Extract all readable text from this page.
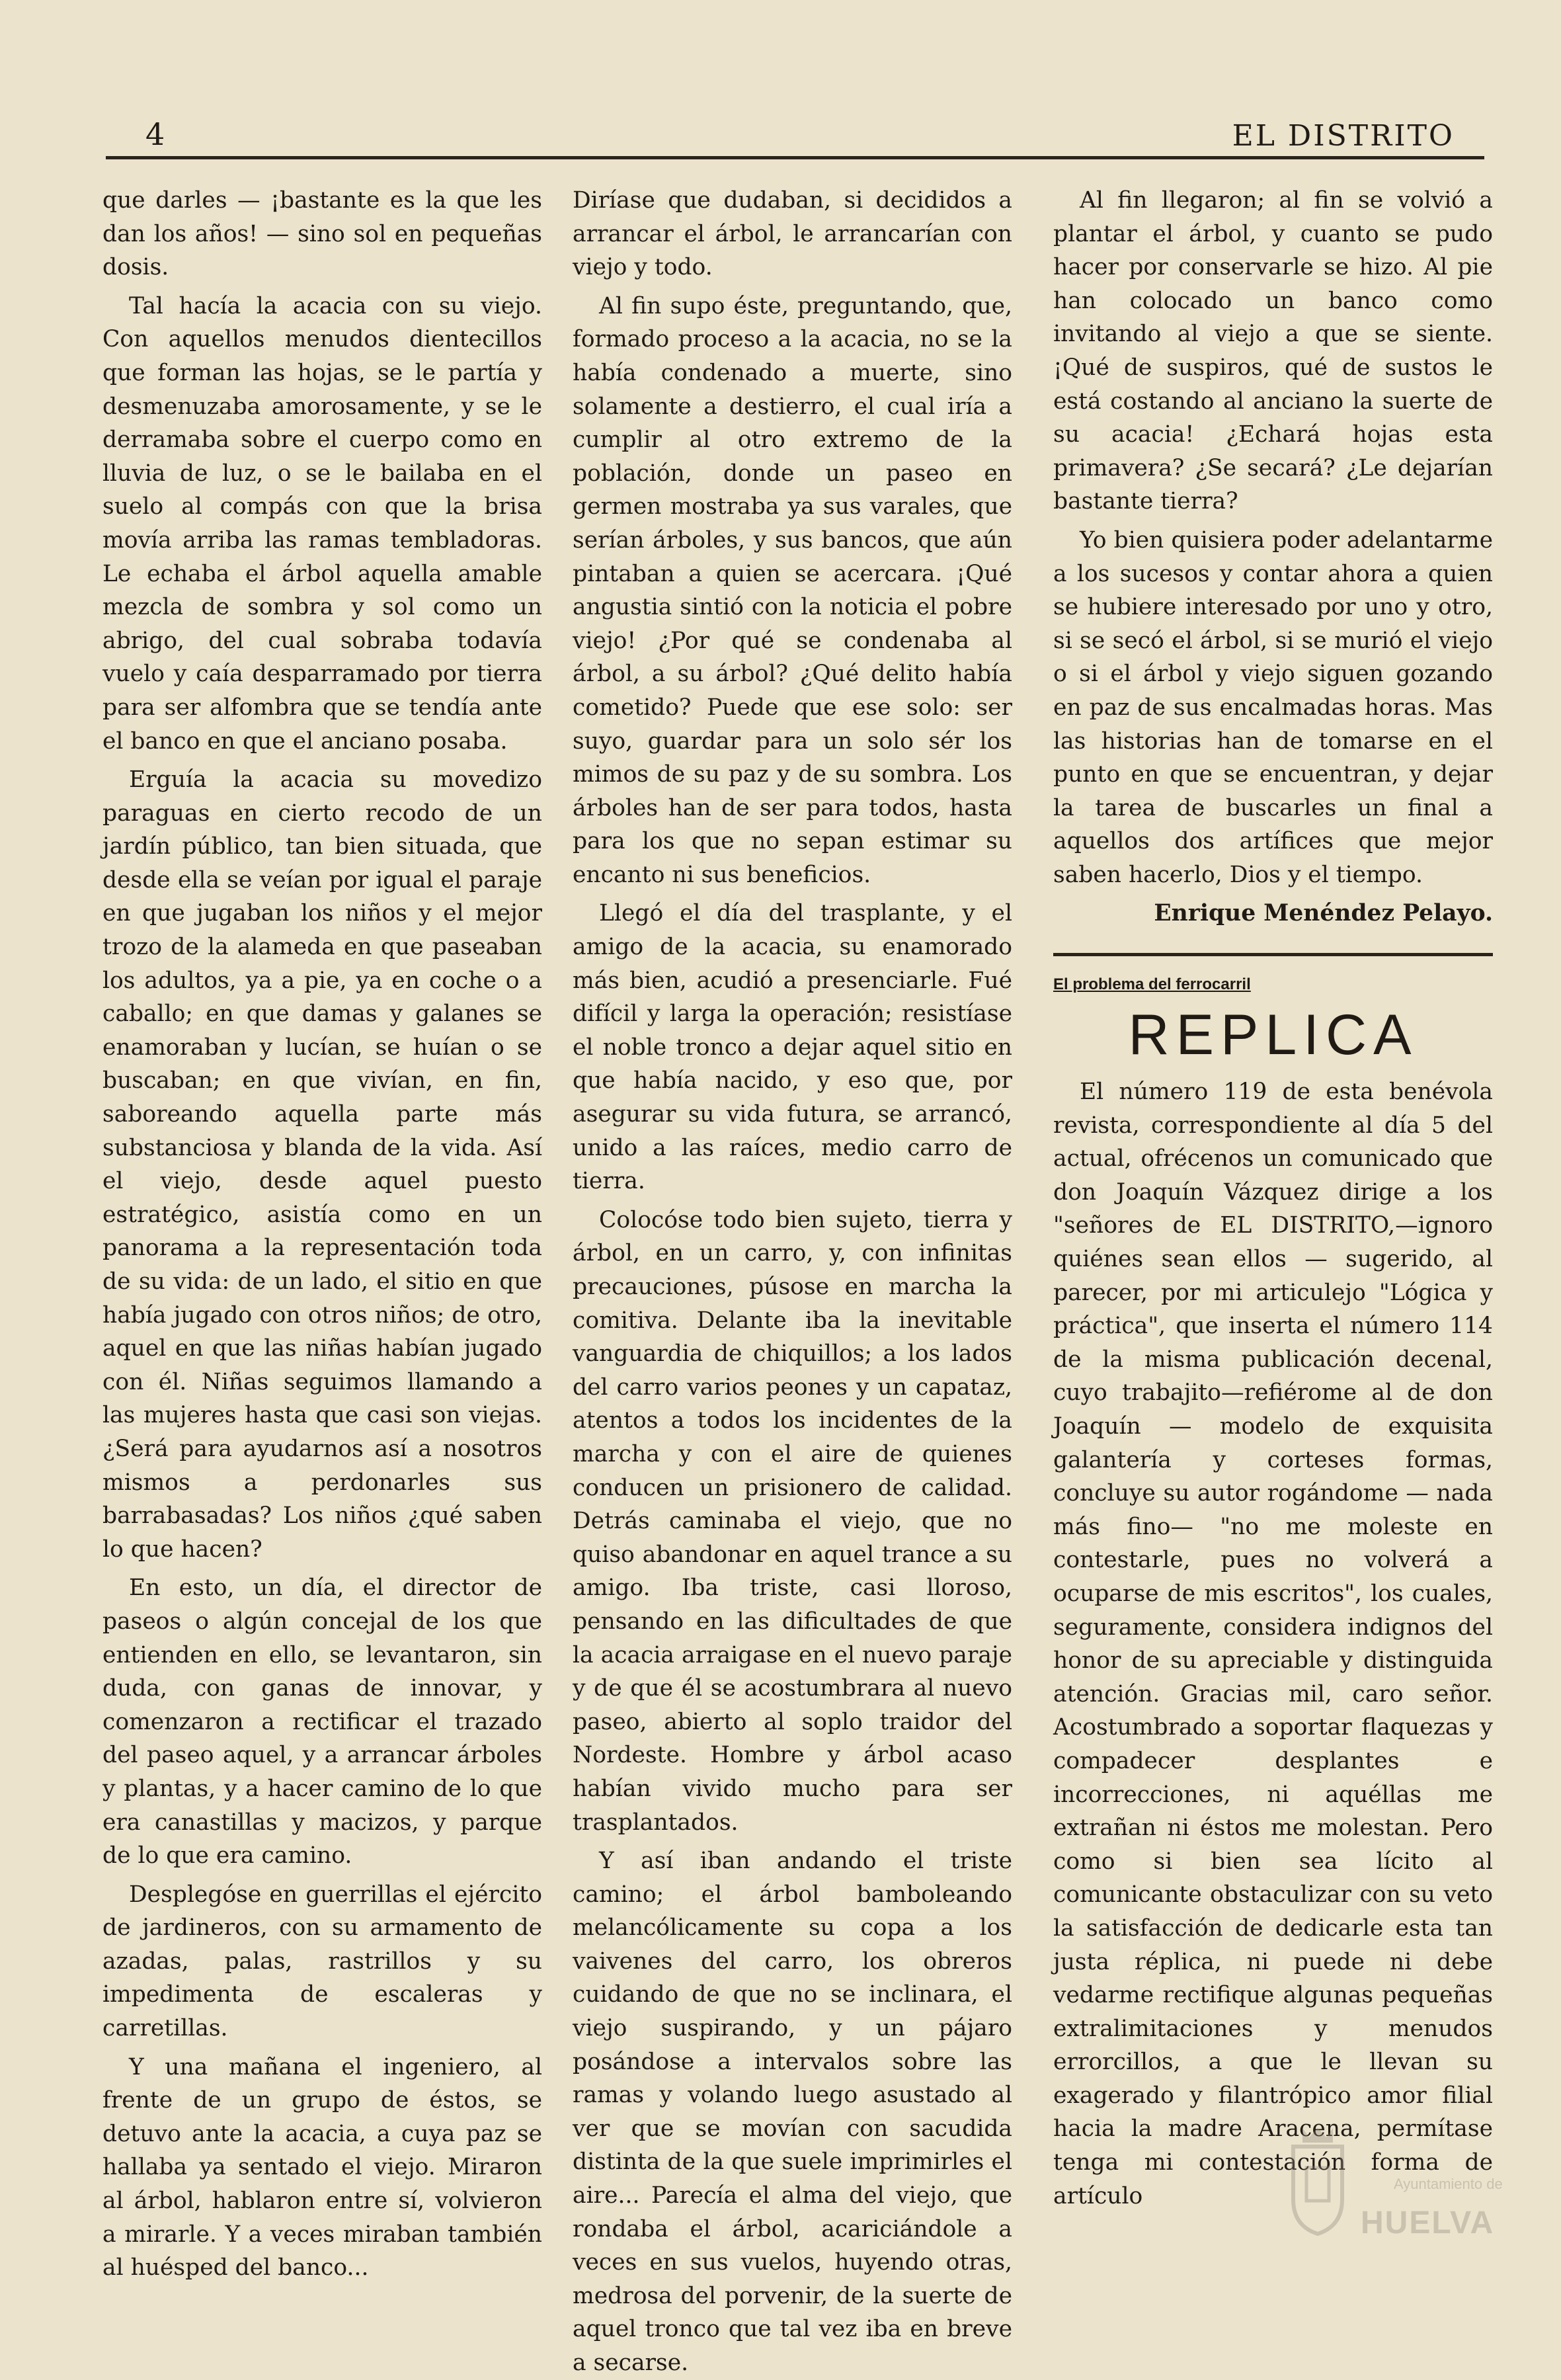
4	EL DISTRITO

que darles — ¡bastante es la que les dan los años! — sino sol en pequeñas dosis.

Tal hacía la acacia con su viejo. Con aquellos menudos dientecillos que forman las hojas, se le partía y desmenuzaba amorosamente, y se le derramaba sobre el cuerpo como en lluvia de luz, o se le bailaba en el suelo al compás con que la brisa movía arriba las ramas tembladoras. Le echaba el árbol aquella amable mezcla de sombra y sol como un abrigo, del cual sobraba todavía vuelo y caía desparramado por tierra para ser alfombra que se tendía ante el banco en que el anciano posaba.

Erguía la acacia su movedizo paraguas en cierto recodo de un jardín público, tan bien situada, que desde ella se veían por igual el paraje en que jugaban los niños y el mejor trozo de la alameda en que paseaban los adultos, ya a pie, ya en coche o a caballo; en que damas y galanes se enamoraban y lucían, se huían o se buscaban; en que vivían, en fin, saboreando aquella parte más substanciosa y blanda de la vida. Así el viejo, desde aquel puesto estratégico, asistía como en un panorama a la representación toda de su vida: de un lado, el sitio en que había jugado con otros niños; de otro, aquel en que las niñas habían jugado con él. Niñas seguimos llamando a las mujeres hasta que casi son viejas. ¿Será para ayudarnos así a nosotros mismos a perdonarles sus barrabasadas? Los niños ¿qué saben lo que hacen?

En esto, un día, el director de paseos o algún concejal de los que entienden en ello, se levantaron, sin duda, con ganas de innovar, y comenzaron a rectificar el trazado del paseo aquel, y a arrancar árboles y plantas, y a hacer camino de lo que era canastillas y macizos, y parque de lo que era camino.

Desplegóse en guerrillas el ejército de jardineros, con su armamento de azadas, palas, rastrillos y su impedimenta de escaleras y carretillas.

Y una mañana el ingeniero, al frente de un grupo de éstos, se detuvo ante la acacia, a cuya paz se hallaba ya sentado el viejo. Miraron al árbol, hablaron entre sí, volvieron a mirarle. Y a veces miraban también al huésped del banco...

Diríase que dudaban, si decididos a arrancar el árbol, le arrancarían con viejo y todo.

Al fin supo éste, preguntando, que, formado proceso a la acacia, no se la había condenado a muerte, sino solamente a destierro, el cual iría a cumplir al otro extremo de la población, donde un paseo en germen mostraba ya sus varales, que serían árboles, y sus bancos, que aún pintaban a quien se acercara. ¡Qué angustia sintió con la noticia el pobre viejo! ¿Por qué se condenaba al árbol, a su árbol? ¿Qué delito había cometido? Puede que ese solo: ser suyo, guardar para un solo sér los mimos de su paz y de su sombra. Los árboles han de ser para todos, hasta para los que no sepan estimar su encanto ni sus beneficios.

Llegó el día del trasplante, y el amigo de la acacia, su enamorado más bien, acudió a presenciarle. Fué difícil y larga la operación; resistíase el noble tronco a dejar aquel sitio en que había nacido, y eso que, por asegurar su vida futura, se arrancó, unido a las raíces, medio carro de tierra.

Colocóse todo bien sujeto, tierra y árbol, en un carro, y, con infinitas precauciones, púsose en marcha la comitiva. Delante iba la inevitable vanguardia de chiquillos; a los lados del carro varios peones y un capataz, atentos a todos los incidentes de la marcha y con el aire de quienes conducen un prisionero de calidad. Detrás caminaba el viejo, que no quiso abandonar en aquel trance a su amigo. Iba triste, casi lloroso, pensando en las dificultades de que la acacia arraigase en el nuevo paraje y de que él se acostumbrara al nuevo paseo, abierto al soplo traidor del Nordeste. Hombre y árbol acaso habían vivido mucho para ser trasplantados.

Y así iban andando el triste camino; el árbol bamboleando melancólicamente su copa a los vaivenes del carro, los obreros cuidando de que no se inclinara, el viejo suspirando, y un pájaro posándose a intervalos sobre las ramas y volando luego asustado al ver que se movían con sacudida distinta de la que suele imprimirles el aire... Parecía el alma del viejo, que rondaba el árbol, acariciándole a veces en sus vuelos, huyendo otras, medrosa del porvenir, de la suerte de aquel tronco que tal vez iba en breve a secarse.

Al fin llegaron; al fin se volvió a plantar el árbol, y cuanto se pudo hacer por conservarle se hizo. Al pie han colocado un banco como invitando al viejo a que se siente. ¡Qué de suspiros, qué de sustos le está costando al anciano la suerte de su acacia! ¿Echará hojas esta primavera? ¿Se secará? ¿Le dejarían bastante tierra?

Yo bien quisiera poder adelantarme a los sucesos y contar ahora a quien se hubiere interesado por uno y otro, si se secó el árbol, si se murió el viejo o si el árbol y viejo siguen gozando en paz de sus encalmadas horas. Mas las historias han de tomarse en el punto en que se encuentran, y dejar la tarea de buscarles un final a aquellos dos artífices que mejor saben hacerlo, Dios y el tiempo.

Enrique Menéndez Pelayo.

El problema del ferrocarril
REPLICA

El número 119 de esta benévola revista, correspondiente al día 5 del actual, ofrécenos un comunicado que don Joaquín Vázquez dirige a los "señores de EL DISTRITO,—ignoro quiénes sean ellos — sugerido, al parecer, por mi articulejo "Lógica y práctica", que inserta el número 114 de la misma publicación decenal, cuyo trabajito—refiérome al de don Joaquín — modelo de exquisita galantería y corteses formas, concluye su autor rogándome — nada más fino— "no me moleste en contestarle, pues no volverá a ocuparse de mis escritos", los cuales, seguramente, considera indignos del honor de su apreciable y distinguida atención. Gracias mil, caro señor. Acostumbrado a soportar flaquezas y compadecer desplantes e incorrecciones, ni aquéllas me extrañan ni éstos me molestan. Pero como si bien sea lícito al comunicante obstaculizar con su veto la satisfacción de dedicarle esta tan justa réplica, ni puede ni debe vedarme rectifique algunas pequeñas extralimitaciones y menudos errorcillos, a que le llevan su exagerado y filantrópico amor filial hacia la madre Aracena, permítase tenga mi contestación forma de artículo	Ayuntamiento de
HUELVA
